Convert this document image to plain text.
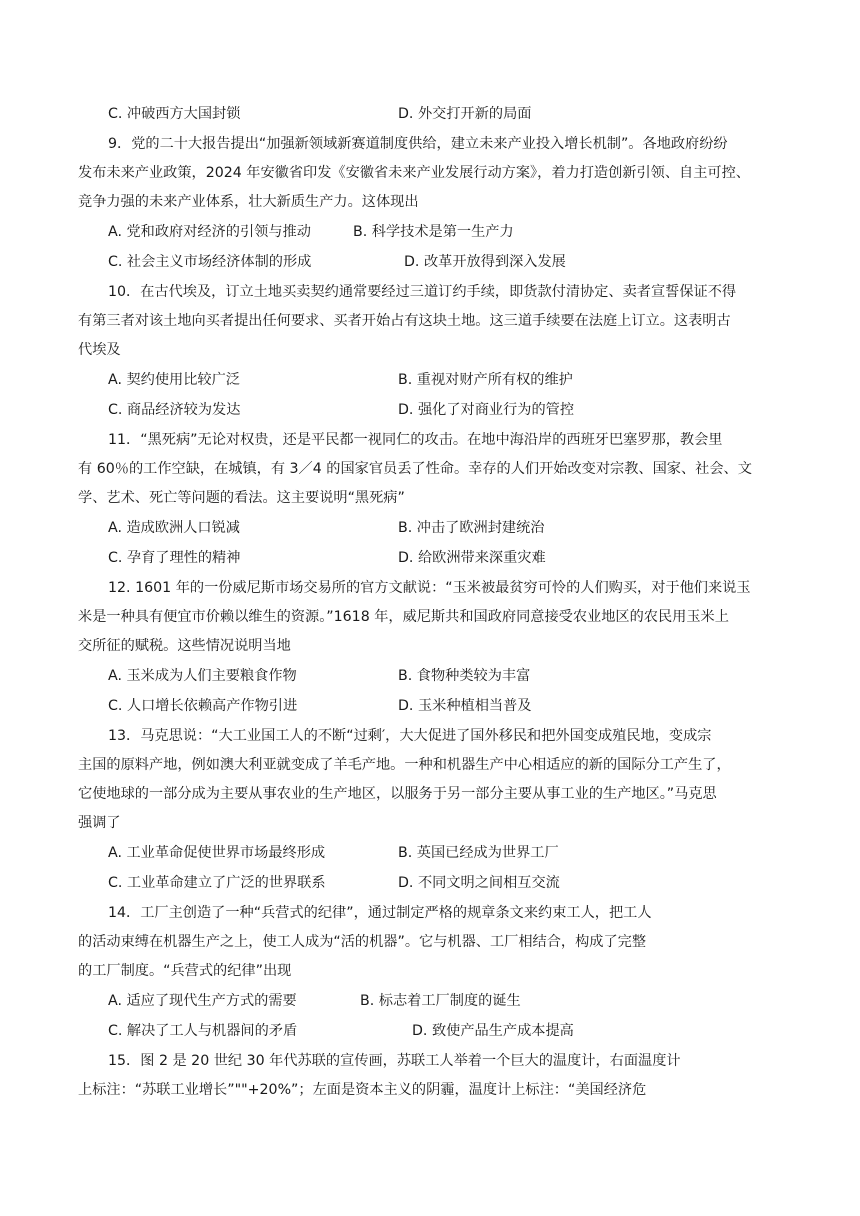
C. 冲破西方大国封锁	D. 外交打开新的局面
9．党的二十大报告提出“加强新领域新赛道制度供给，建立未来产业投入增长机制”。各地政府纷纷
发布未来产业政策，2024 年安徽省印发《安徽省未来产业发展行动方案》，着力打造创新引领、自主可控、
竞争力强的未来产业体系，壮大新质生产力。这体现出
A. 党和政府对经济的引领与推动	B. 科学技术是第一生产力
C. 社会主义市场经济体制的形成	D. 改革开放得到深入发展
10．在古代埃及，订立土地买卖契约通常要经过三道订约手续，即货款付清协定、卖者宣誓保证不得
有第三者对该土地向买者提出任何要求、买者开始占有这块土地。这三道手续要在法庭上订立。这表明古
代埃及
A. 契约使用比较广泛	B. 重视对财产所有权的维护
C. 商品经济较为发达	D. 强化了对商业行为的管控
11．“黑死病”无论对权贵，还是平民都一视同仁的攻击。在地中海沿岸的西班牙巴塞罗那，教会里
有 60％的工作空缺，在城镇，有 3／4 的国家官员丢了性命。幸存的人们开始改变对宗教、国家、社会、文
学、艺术、死亡等问题的看法。这主要说明“黑死病”
A. 造成欧洲人口锐减	B. 冲击了欧洲封建统治
C. 孕育了理性的精神	D. 给欧洲带来深重灾难
12. 1601 年的一份威尼斯市场交易所的官方文献说：“玉米被最贫穷可怜的人们购买，对于他们来说玉
米是一种具有便宜市价赖以维生的资源。”1618 年，威尼斯共和国政府同意接受农业地区的农民用玉米上
交所征的赋税。这些情况说明当地
A. 玉米成为人们主要粮食作物	B. 食物种类较为丰富
C. 人口增长依赖高产作物引进	D. 玉米种植相当普及
13．马克思说：“大工业国工人的不断“过剩′，大大促进了国外移民和把外国变成殖民地，变成宗
主国的原料产地，例如澳大利亚就变成了羊毛产地。一种和机器生产中心相适应的新的国际分工产生了，
它使地球的一部分成为主要从事农业的生产地区，以服务于另一部分主要从事工业的生产地区。”马克思
强调了
A. 工业革命促使世界市场最终形成	B. 英国已经成为世界工厂
C. 工业革命建立了广泛的世界联系	D. 不同文明之间相互交流
14．工厂主创造了一种“兵营式的纪律”，通过制定严格的规章条文来约束工人，把工人
的活动束缚在机器生产之上，使工人成为“活的机器”。它与机器、工厂相结合，构成了完整
的工厂制度。“兵营式的纪律”出现
A. 适应了现代生产方式的需要	B. 标志着工厂制度的诞生
C. 解决了工人与机器间的矛盾	D. 致使产品生产成本提高
15．图 2 是 20 世纪 30 年代苏联的宣传画，苏联工人举着一个巨大的温度计，右面温度计
上标注：“苏联工业增长”""+20%”；左面是资本主义的阴霾，温度计上标注：“美国经济危
